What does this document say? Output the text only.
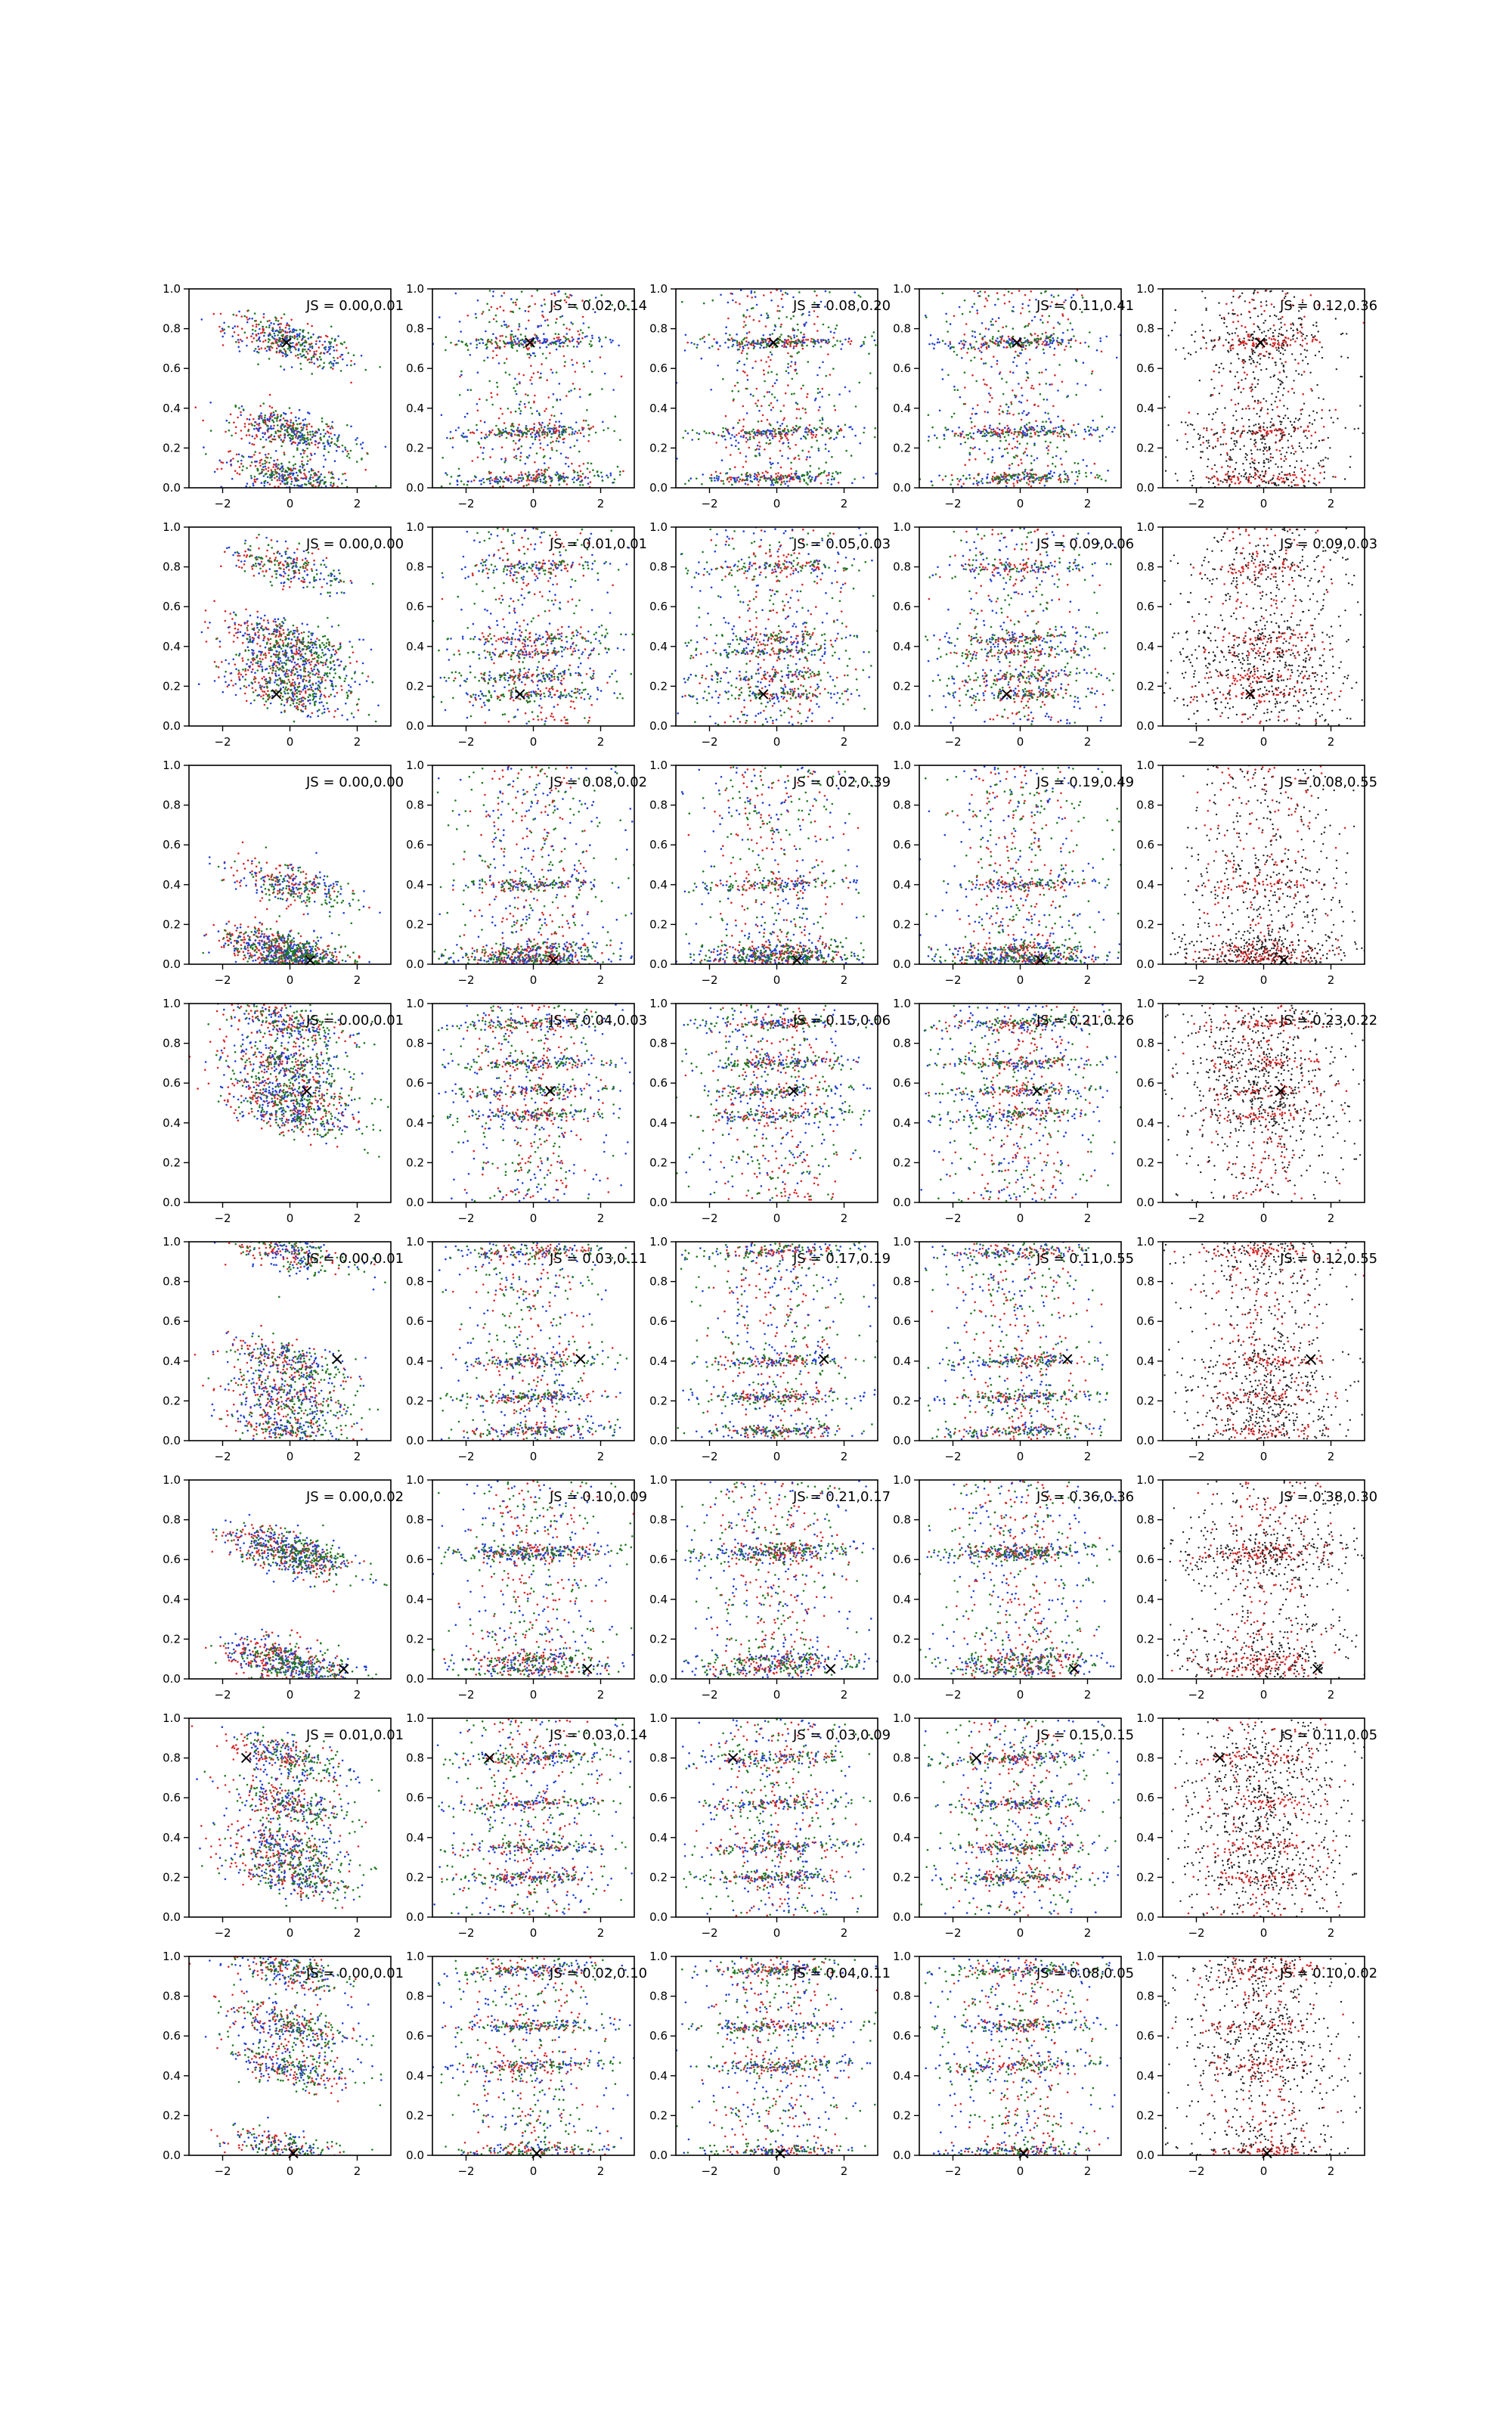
−2	0	2
0.0
0.2
0.4
0.6
0.8
1.0
JS = 0.00,0.01
−2	0	2
0.0
0.2
0.4
0.6
0.8
1.0
JS = 0.02,0.14
−2	0	2
0.0
0.2
0.4
0.6
0.8
1.0
JS = 0.08,0.20
−2	0	2
0.0
0.2
0.4
0.6
0.8
1.0
JS = 0.11,0.41
−2	0	2
0.0
0.2
0.4
0.6
0.8
1.0
JS = 0.12,0.36
−2	0	2
0.0
0.2
0.4
0.6
0.8
1.0
JS = 0.00,0.00
−2	0	2
0.0
0.2
0.4
0.6
0.8
1.0
JS = 0.01,0.01
−2	0	2
0.0
0.2
0.4
0.6
0.8
1.0
JS = 0.05,0.03
−2	0	2
0.0
0.2
0.4
0.6
0.8
1.0
JS = 0.09,0.06
−2	0	2
0.0
0.2
0.4
0.6
0.8
1.0
JS = 0.09,0.03
−2	0	2
0.0
0.2
0.4
0.6
0.8
1.0
JS = 0.00,0.00
−2	0	2
0.0
0.2
0.4
0.6
0.8
1.0
JS = 0.08,0.02
−2	0	2
0.0
0.2
0.4
0.6
0.8
1.0
JS = 0.02,0.39
−2	0	2
0.0
0.2
0.4
0.6
0.8
1.0
JS = 0.19,0.49
−2	0	2
0.0
0.2
0.4
0.6
0.8
1.0
JS = 0.08,0.55
−2	0	2
0.0
0.2
0.4
0.6
0.8
1.0
JS = 0.00,0.01
−2	0	2
0.0
0.2
0.4
0.6
0.8
1.0
JS = 0.04,0.03
−2	0	2
0.0
0.2
0.4
0.6
0.8
1.0
JS = 0.15,0.06
−2	0	2
0.0
0.2
0.4
0.6
0.8
1.0
JS = 0.21,0.26
−2	0	2
0.0
0.2
0.4
0.6
0.8
1.0
JS = 0.23,0.22
−2	0	2
0.0
0.2
0.4
0.6
0.8
1.0
JS = 0.00,0.01
−2	0	2
0.0
0.2
0.4
0.6
0.8
1.0
JS = 0.03,0.11
−2	0	2
0.0
0.2
0.4
0.6
0.8
1.0
JS = 0.17,0.19
−2	0	2
0.0
0.2
0.4
0.6
0.8
1.0
JS = 0.11,0.55
−2	0	2
0.0
0.2
0.4
0.6
0.8
1.0
JS = 0.12,0.55
−2	0	2
0.0
0.2
0.4
0.6
0.8
1.0
JS = 0.00,0.02
−2	0	2
0.0
0.2
0.4
0.6
0.8
1.0
JS = 0.10,0.09
−2	0	2
0.0
0.2
0.4
0.6
0.8
1.0
JS = 0.21,0.17
−2	0	2
0.0
0.2
0.4
0.6
0.8
1.0
JS = 0.36,0.36
−2	0	2
0.0
0.2
0.4
0.6
0.8
1.0
JS = 0.38,0.30
−2	0	2
0.0
0.2
0.4
0.6
0.8
1.0
JS = 0.01,0.01
−2	0	2
0.0
0.2
0.4
0.6
0.8
1.0
JS = 0.03,0.14
−2	0	2
0.0
0.2
0.4
0.6
0.8
1.0
JS = 0.03,0.09
−2	0	2
0.0
0.2
0.4
0.6
0.8
1.0
JS = 0.15,0.15
−2	0	2
0.0
0.2
0.4
0.6
0.8
1.0
JS = 0.11,0.05
−2	0	2
0.0
0.2
0.4
0.6
0.8
1.0
JS = 0.00,0.01
−2	0	2
0.0
0.2
0.4
0.6
0.8
1.0
JS = 0.02,0.10
−2	0	2
0.0
0.2
0.4
0.6
0.8
1.0
JS = 0.04,0.11
−2	0	2
0.0
0.2
0.4
0.6
0.8
1.0
JS = 0.08,0.05
−2	0	2
0.0
0.2
0.4
0.6
0.8
1.0
JS = 0.10,0.02
